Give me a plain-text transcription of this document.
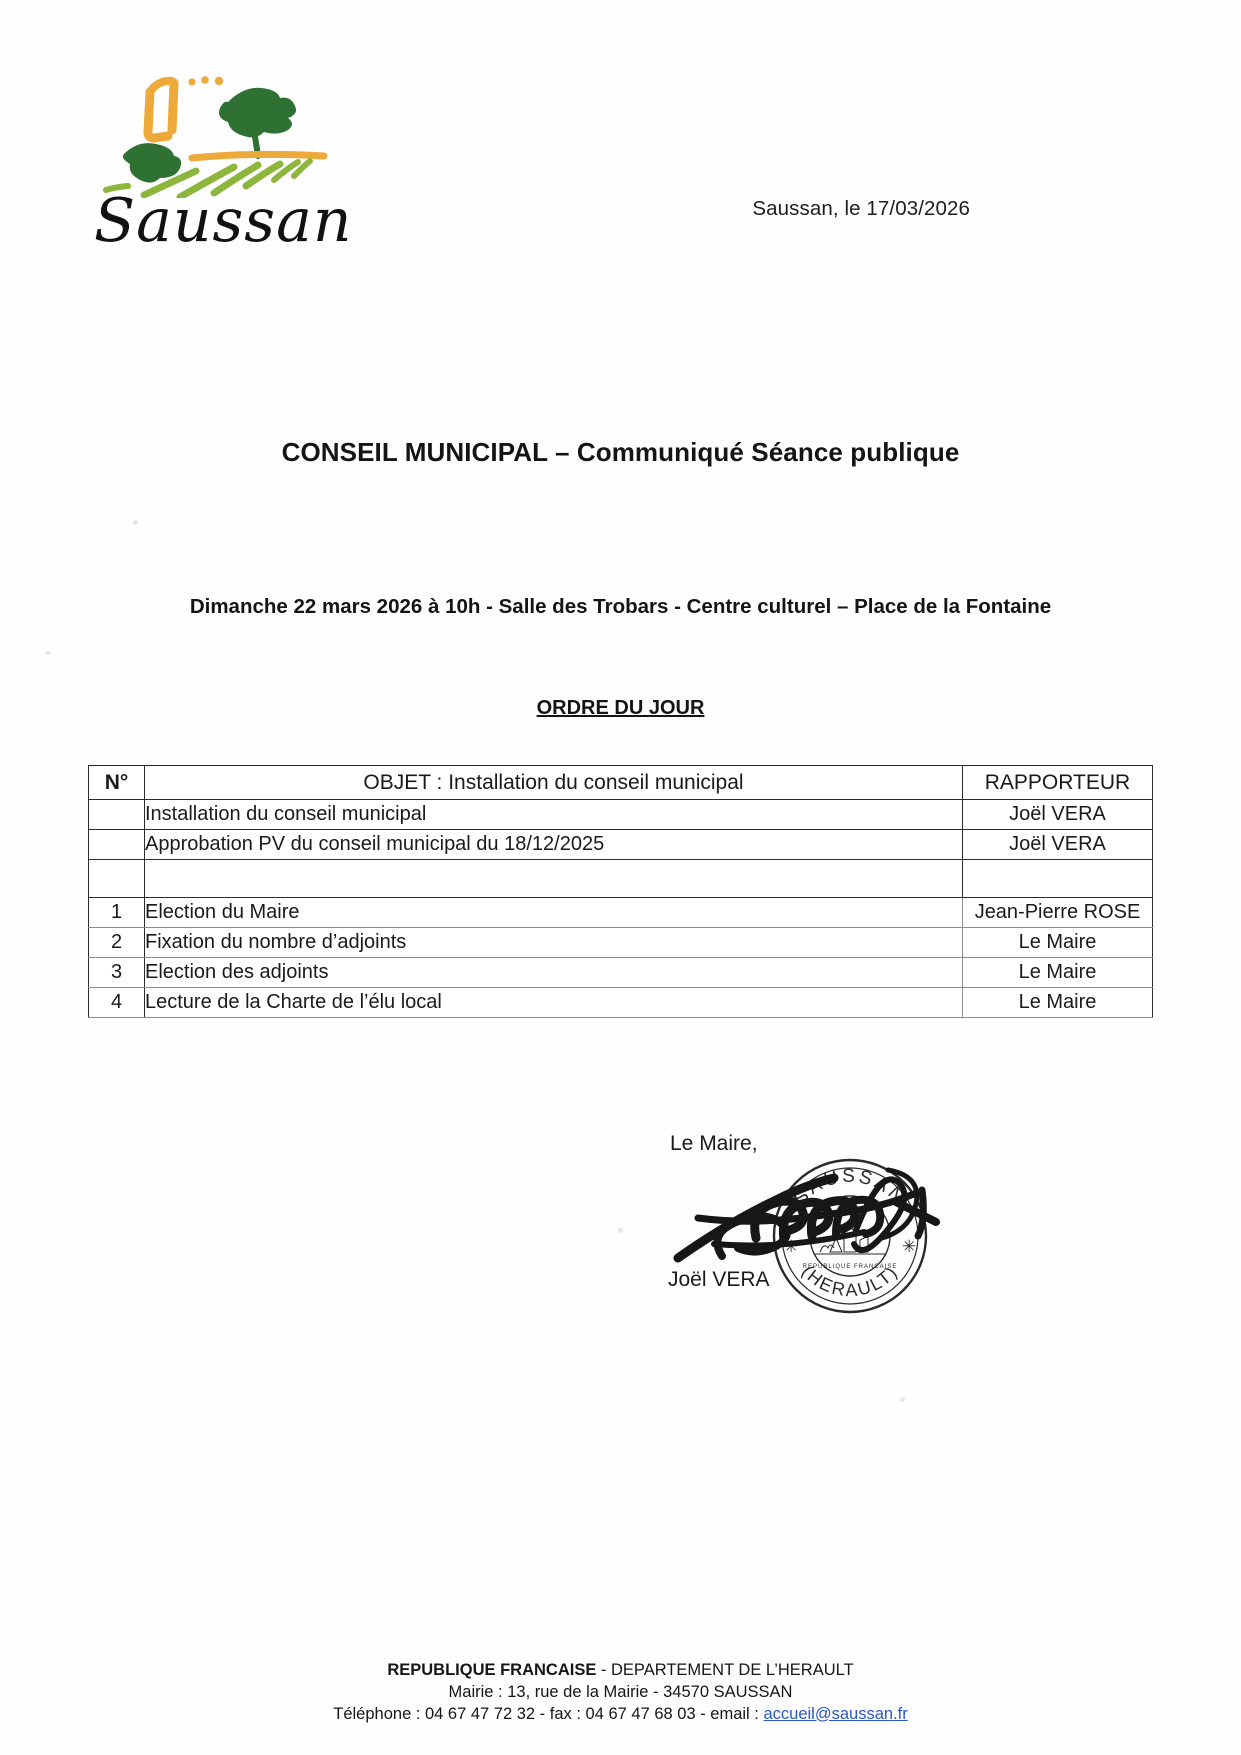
Saussan	Saussan, le 17/03/2026
CONSEIL MUNICIPAL – Communiqué Séance publique
Dimanche 22 mars 2026 à 10h - Salle des Trobars - Centre culturel – Place de la Fontaine
ORDRE DU JOUR
N°	OBJET : Installation du conseil municipal	RAPPORTEUR
	Installation du conseil municipal	Joël VERA
	Approbation PV du conseil municipal du 18/12/2025	Joël VERA

1	Election du Maire	Jean-Pierre ROSE
2	Fixation du nombre d’adjoints	Le Maire
3	Election des adjoints	Le Maire
4	Lecture de la Charte de l’élu local	Le Maire
Le Maire,
Joël VERA
SAUSSAN
(HERAULT)
✳	✳
REPUBLIQUE FRANCAISE
REPUBLIQUE FRANCAISE - DEPARTEMENT DE L’HERAULT
Mairie : 13, rue de la Mairie - 34570 SAUSSAN
Téléphone : 04 67 47 72 32 - fax : 04 67 47 68 03 - email : accueil@saussan.fr
